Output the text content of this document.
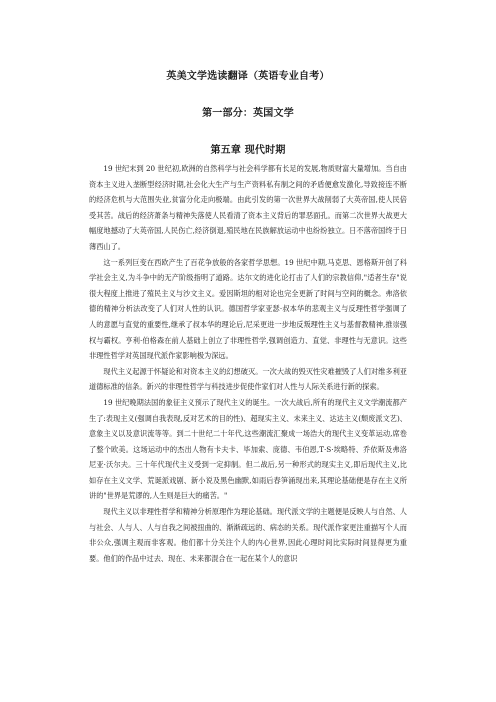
英美文学选读翻译（英语专业自考）
第一部分：英国文学
第五章 现代时期

19 世纪末到 20 世纪初,欧洲的自然科学与社会科学都有长足的发展,物质财富大量增加。当自由资本主义进入垄断型经济时期,社会化大生产与生产资料私有制之间的矛盾便愈发激化,导致接连不断的经济危机与大范围失业,贫富分化走向极端。由此引发的第一次世界大战削弱了大英帝国,使人民倍受其苦。战后的经济萧条与精神失落使人民看清了资本主义背后的罪恶面孔。而第二次世界大战更大幅度地撼动了大英帝国,人民伤亡,经济倒退,殖民地在民族解放运动中也纷纷独立。日不落帝国终于日薄西山了。

这一系列巨变在西欧产生了百花争放般的各家哲学思想。19 世纪中期,马克思、恩格斯开创了科学社会主义,为斗争中的无产阶级指明了道路。达尔文的进化论打击了人们的宗教信仰,"适者生存"说很大程度上推进了殖民主义与沙文主义。爱因斯坦的相对论也完全更新了时间与空间的概念。弗洛依德的精神分析法改变了人们对人性的认识。德国哲学家亚瑟·叔本华的悲观主义与反理性哲学强调了人的意愿与直觉的重要性,继承了叔本华的理论后,尼采更进一步地反叛理性主义与基督教精神,推崇强权与霸权。亨利·伯格森在前人基础上创立了非理性哲学,强调创造力、直觉、非理性与无意识。这些非理性哲学对英国现代派作家影响极为深远。

现代主义起源于怀疑论和对资本主义的幻想破灭。一次大战的毁灭性灾难摧毁了人们对维多利亚道德标准的信条。新兴的非理性哲学与科技进步促使作家们对人性与人际关系进行新的探索。

19 世纪晚期法国的象征主义预示了现代主义的诞生。一次大战后,所有的现代主义文学潮流都产生了:表现主义(强调自我表现,反对艺术的目的性)、超现实主义、未来主义、达达主义(颓废派文艺)、意象主义以及意识流等等。到二十世纪二十年代,这些潮流汇聚成一场浩大的现代主义变革运动,席卷了整个欧美。这场运动中的杰出人物有卡夫卡、毕加索、庞德、韦伯恩,T·S·埃略特、乔依斯及弗洛尼亚·沃尔夫。三十年代现代主义受到一定抑制。但二战后,另一种形式的现实主义,即后现代主义,比如存在主义文学、荒诞派戏剧、新小说及黑色幽默,如雨后春笋涌现出来,其理论基础便是存在主义所讲的"世界是荒谬的,人生则是巨大的痛苦。"

现代主义以非理性哲学和精神分析原理作为理论基础。现代派文学的主题便是反映人与自然、人与社会、人与人、人与自我之间被扭曲的、渐渐疏远的、病态的关系。现代派作家更注重描写个人而非公众,强调主观而非客观。他们都十分关注个人的内心世界,因此心理时间比实际时间显得更为重要。他们的作品中过去、现在、未来都混合在一起在某个人的意识
